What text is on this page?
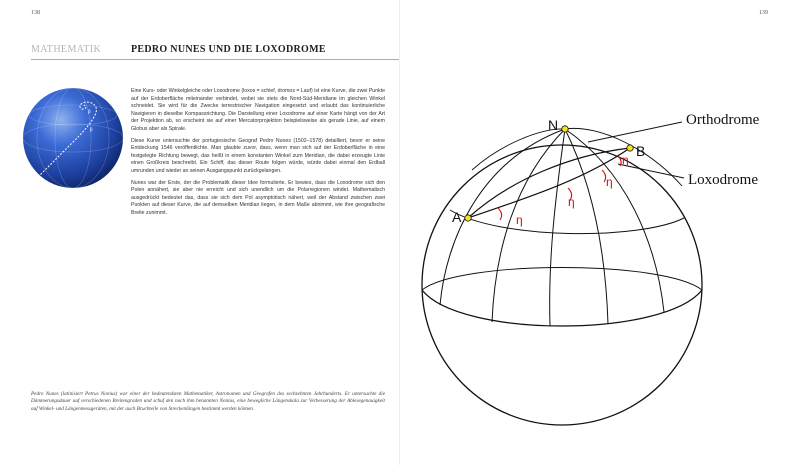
138
MATHEMATIK	PEDRO NUNES UND DIE LOXODROME
β
β

Eine Kurs- oder Winkelgleiche oder Loxodrome (loxos = schief, dromos = Lauf) ist eine Kurve, die zwei Punkte auf der Erdoberfläche miteinander verbindet, wobei sie stets die Nord-Süd-Meridiane im gleichen Winkel schneidet. Sie wird für die Zwecke terrestrischer Navigation eingesetzt und erlaubt das kontinuierliche Navigieren in dieselbe Kompassrichtung. Die Darstellung einer Loxodrome auf einer Karte hängt von der Art der Projektion ab, so erscheint sie auf einer Mercatorprojektion beispielsweise als gerade Linie, auf einem Globus aber als Spirale.

Diese Kurve untersuchte der portugiesische Geograf Pedro Nunes (1502–1578) detailliert, bevor er seine Entdeckung 1546 veröffentlichte. Man glaubte zuvor, dass, wenn man sich auf der Erdoberfläche in eine festgelegte Richtung bewegt, das heißt in einem konstanten Winkel zum Meridian, die dabei erzeugte Linie einen Großkreis beschreibt. Ein Schiff, das dieser Route folgen würde, würde dabei einmal den Erdball umrunden und wieder an seinen Ausgangspunkt zurückgelangen.

Nunes war der Erste, der die Problematik dieser Idee formulierte. Er bewies, dass die Loxodrome sich den Polen annähert, sie aber nie erreicht und sich unendlich um die Polarregionen windet. Mathematisch ausgedrückt bedeutet das, dass sie sich dem Pol asymptotisch nähert, weil der Abstand zwischen zwei Punkten auf dieser Kurve, die auf demselben Meridian liegen, in dem Maße abnimmt, wie ihre geografische Breite zunimmt.

Pedro Nunes (latinisiert Petrus Nonius) war einer der bedeutendsten Mathematiker, Astronomen und Geografen des sechzehnten Jahrhunderts. Er untersuchte die Dämmerungsdauer auf verschiedenen Breitengraden und schuf den nach ihm benannten Nonius, eine bewegliche Längenskala zur Verbesserung der Ablesegenauigkeit auf Winkel- und Längenmessgeräten, mit der auch Bruchteile von Streckenlängen bestimmt werden können.
139
η
η
η
η
N
A
B
Orthodrome
Loxodrome
